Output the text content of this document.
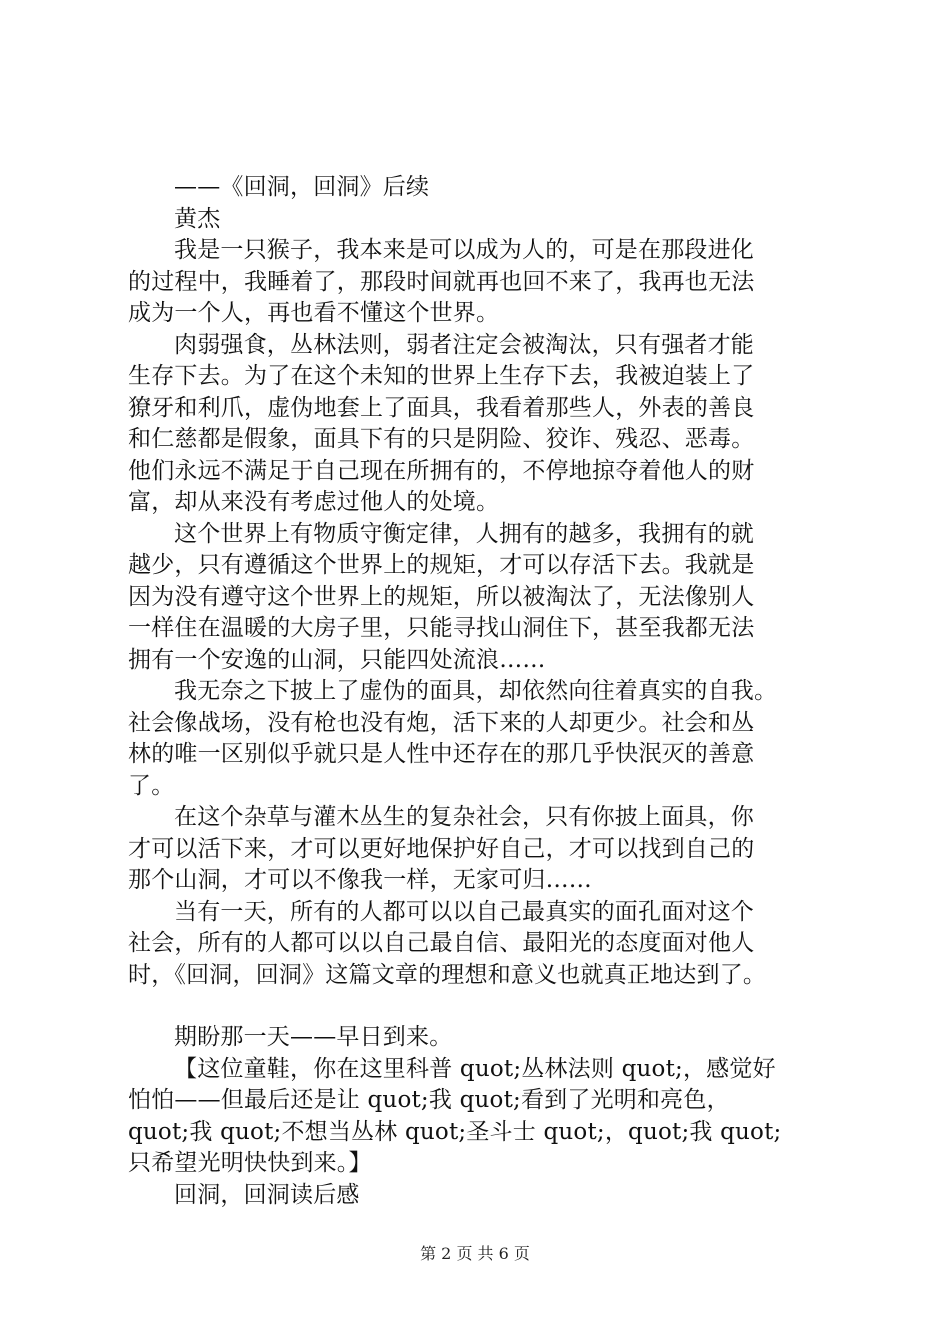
——《回洞，回洞》后续
黄杰
我是一只猴子，我本来是可以成为人的，可是在那段进化
的过程中，我睡着了，那段时间就再也回不来了，我再也无法
成为一个人，再也看不懂这个世界。
肉弱强食，丛林法则，弱者注定会被淘汰，只有强者才能
生存下去。为了在这个未知的世界上生存下去，我被迫装上了
獠牙和利爪，虚伪地套上了面具，我看着那些人，外表的善良
和仁慈都是假象，面具下有的只是阴险、狡诈、残忍、恶毒。
他们永远不满足于自己现在所拥有的，不停地掠夺着他人的财
富，却从来没有考虑过他人的处境。
这个世界上有物质守衡定律，人拥有的越多，我拥有的就
越少，只有遵循这个世界上的规矩，才可以存活下去。我就是
因为没有遵守这个世界上的规矩，所以被淘汰了，无法像别人
一样住在温暖的大房子里，只能寻找山洞住下，甚至我都无法
拥有一个安逸的山洞，只能四处流浪……
我无奈之下披上了虚伪的面具，却依然向往着真实的自我。
社会像战场，没有枪也没有炮，活下来的人却更少。社会和丛
林的唯一区别似乎就只是人性中还存在的那几乎快泯灭的善意
了。
在这个杂草与灌木丛生的复杂社会，只有你披上面具，你
才可以活下来，才可以更好地保护好自己，才可以找到自己的
那个山洞，才可以不像我一样，无家可归……
当有一天，所有的人都可以以自己最真实的面孔面对这个
社会，所有的人都可以以自己最自信、最阳光的态度面对他人
时，《回洞，回洞》这篇文章的理想和意义也就真正地达到了。
期盼那一天——早日到来。
【这位童鞋，你在这里科普 quot;丛林法则 quot;，感觉好
怕怕——但最后还是让 quot;我 quot;看到了光明和亮色，
quot;我 quot;不想当丛林 quot;圣斗士 quot;，quot;我 quot;
只希望光明快快到来。】
回洞，回洞读后感
第 2 页 共 6 页
